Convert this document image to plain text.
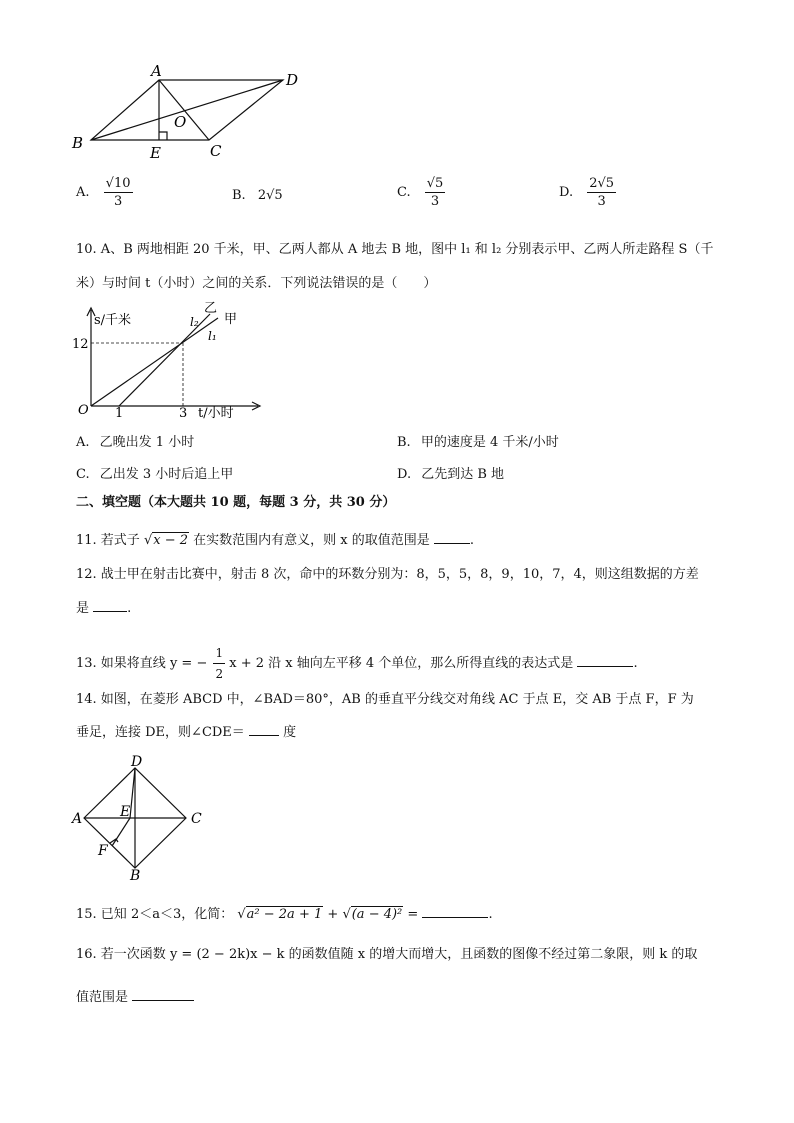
A	D
O
B
E	C
A. $\frac{√10}{3}$	B. 2√5	C. $\frac{√5}{3}$	D. $\frac{2√5}{3}$
10. A、B 两地相距 20 千米，甲、乙两人都从 A 地去 B 地，图中 l₁ 和 l₂ 分别表示甲、乙两人所走路程 S（千
米）与时间 t（小时）之间的关系．下列说法错误的是（　　）
s/千米
t/小时
O
12
1	3
乙
甲
l₂
l₁
A. 乙晚出发 1 小时	B. 甲的速度是 4 千米/小时
C. 乙出发 3 小时后追上甲	D. 乙先到达 B 地
二、填空题（本大题共 10 题，每题 3 分，共 30 分）
11. 若式子 √x − 2 在实数范围内有意义，则 x 的取值范围是	.
12. 战士甲在射击比赛中，射击 8 次，命中的环数分别为：8，5，5，8，9，10，7，4，则这组数据的方差
是	.
13. 如果将直线 y = − $\frac{1}{2}$ x + 2 沿 x 轴向左平移 4 个单位，那么所得直线的表达式是	.
14. 如图，在菱形 ABCD 中，∠BAD＝80°，AB 的垂直平分线交对角线 AC 于点 E，交 AB 于点 F，F 为
垂足，连接 DE，则∠CDE＝	度
D
A	E	C
F
B
15. 已知 2＜a＜3，化简： √a² − 2a + 1 + √(a − 4)² =	.
16. 若一次函数 y = (2 − 2k)x − k 的函数值随 x 的增大而增大，且函数的图像不经过第二象限，则 k 的取
值范围是
